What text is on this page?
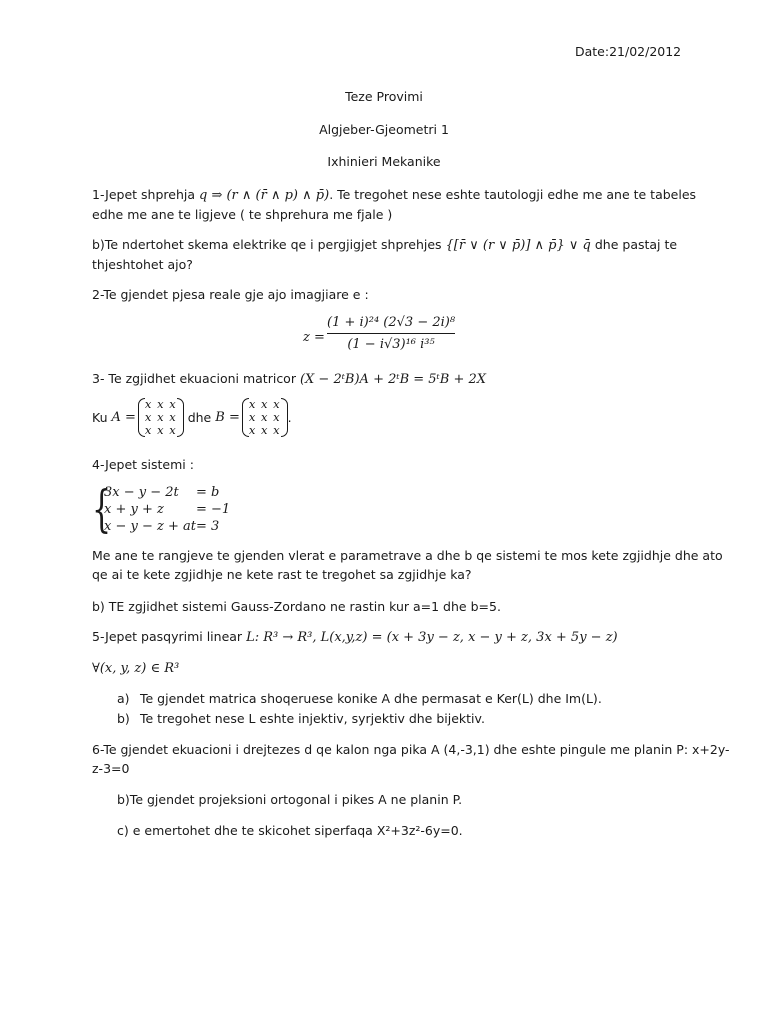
Date:21/02/2012
Teze Provimi
Algjeber-Gjeometri 1
Ixhinieri Mekanike
1-Jepet shprehja q ⇒ (r ∧ (r̄ ∧ p) ∧ p̄). Te tregohet nese eshte tautologji edhe me ane te tabeles
edhe me ane te ligjeve ( te shprehura me fjale )
b)Te ndertohet skema elektrike qe i pergjigjet shprehjes {[r̄ ∨ (r ∨ p̄)] ∧ p̄} ∨ q̄ dhe pastaj te
thjeshtohet ajo?
2-Te gjendet pjesa reale gje ajo imagjiare e :
z =
(1 + i)²⁴ (2√3 − 2i)⁸
(1 − i√3)¹⁶ i³⁵
3- Te zgjidhet ekuacioni matricor (X − 2ᵗB)A + 2ᵗB = 5ᵗB + 2X
Ku A =
x x x
x x x
x x x
dhe B =
x x x
x x x
x x x
.
4-Jepet sistemi :
{
3x − y − 2t = b
x + y + z = −1
x − y − z + at = 3
Me ane te rangjeve te gjenden vlerat e parametrave a dhe b qe sistemi te mos kete zgjidhje dhe ato
qe ai te kete zgjidhje ne kete rast te tregohet sa zgjidhje ka?
b) TE zgjidhet sistemi Gauss-Zordano ne rastin kur a=1 dhe b=5.
5-Jepet pasqyrimi linear L: R³ → R³, L(x,y,z) = (x + 3y − z, x − y + z, 3x + 5y − z)
∀(x, y, z) ∈ R³
a) Te gjendet matrica shoqeruese konike A dhe permasat e Ker(L) dhe Im(L).
b) Te tregohet nese L eshte injektiv, syrjektiv dhe bijektiv.
6-Te gjendet ekuacioni i drejtezes d qe kalon nga pika A (4,-3,1) dhe eshte pingule me planin P: x+2y-
z-3=0
b)Te gjendet projeksioni ortogonal i pikes A ne planin P.
c) e emertohet dhe te skicohet siperfaqa X²+3z²-6y=0.
